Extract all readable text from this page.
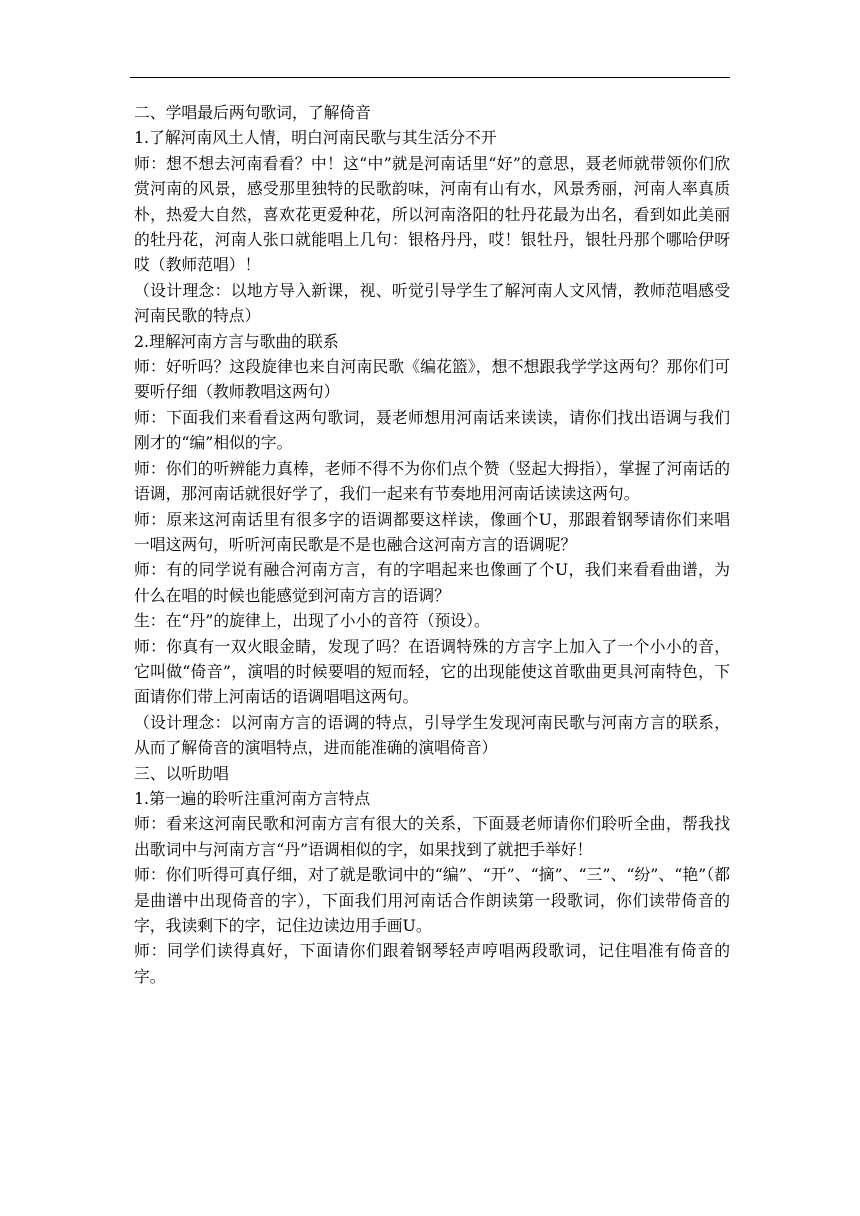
二、学唱最后两句歌词，了解倚音

1.了解河南风土人情，明白河南民歌与其生活分不开

师：想不想去河南看看？中！这“中”就是河南话里“好”的意思，聂老师就带领你们欣赏河南的风景，感受那里独特的民歌韵味，河南有山有水，风景秀丽，河南人率真质朴，热爱大自然，喜欢花更爱种花，所以河南洛阳的牡丹花最为出名，看到如此美丽的牡丹花，河南人张口就能唱上几句：银格丹丹，哎！银牡丹，银牡丹那个哪哈伊呀哎（教师范唱）！

（设计理念：以地方导入新课，视、听觉引导学生了解河南人文风情，教师范唱感受河南民歌的特点）

2.理解河南方言与歌曲的联系

师：好听吗？这段旋律也来自河南民歌《编花篮》，想不想跟我学学这两句？那你们可要听仔细（教师教唱这两句）

师：下面我们来看看这两句歌词，聂老师想用河南话来读读，请你们找出语调与我们刚才的“编”相似的字。

师：你们的听辨能力真棒，老师不得不为你们点个赞（竖起大拇指），掌握了河南话的语调，那河南话就很好学了，我们一起来有节奏地用河南话读读这两句。

师：原来这河南话里有很多字的语调都要这样读，像画个U，那跟着钢琴请你们来唱一唱这两句，听听河南民歌是不是也融合这河南方言的语调呢？

师：有的同学说有融合河南方言，有的字唱起来也像画了个U，我们来看看曲谱，为什么在唱的时候也能感觉到河南方言的语调？

生：在“丹”的旋律上，出现了小小的音符（预设）。

师：你真有一双火眼金睛，发现了吗？在语调特殊的方言字上加入了一个小小的音，它叫做“倚音”，演唱的时候要唱的短而轻，它的出现能使这首歌曲更具河南特色，下面请你们带上河南话的语调唱唱这两句。

（设计理念：以河南方言的语调的特点，引导学生发现河南民歌与河南方言的联系，从而了解倚音的演唱特点，进而能准确的演唱倚音）

三、以听助唱

1.第一遍的聆听注重河南方言特点

师：看来这河南民歌和河南方言有很大的关系，下面聂老师请你们聆听全曲，帮我找出歌词中与河南方言“丹”语调相似的字，如果找到了就把手举好！

师：你们听得可真仔细，对了就是歌词中的“编”、“开”、“摘”、“三”、“纷”、“艳”（都是曲谱中出现倚音的字），下面我们用河南话合作朗读第一段歌词，你们读带倚音的字，我读剩下的字，记住边读边用手画U。

师：同学们读得真好，下面请你们跟着钢琴轻声哼唱两段歌词，记住唱准有倚音的字。
